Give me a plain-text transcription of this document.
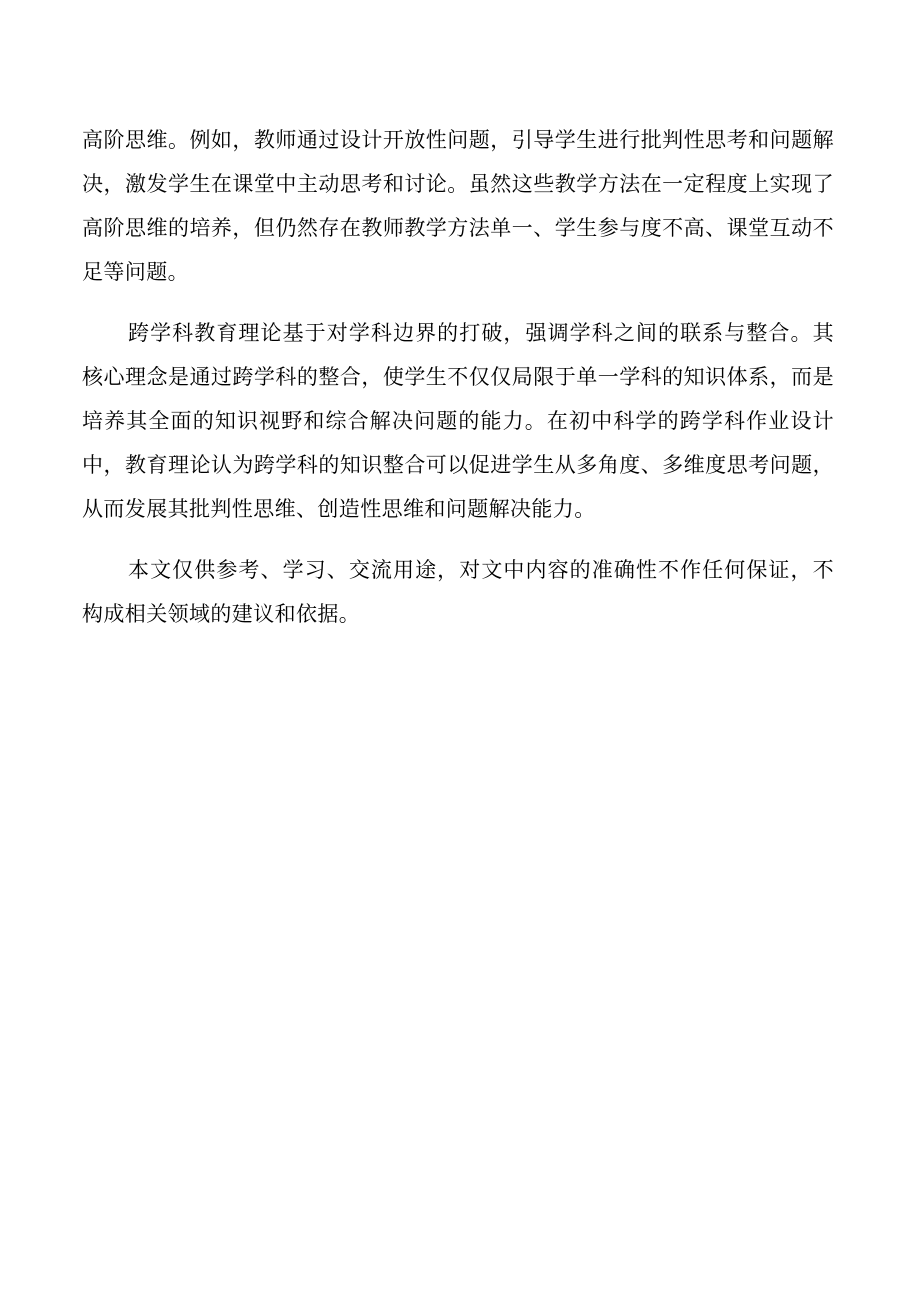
高阶思维。例如，教师通过设计开放性问题，引导学生进行批判性思考和问题解决，激发学生在课堂中主动思考和讨论。虽然这些教学方法在一定程度上实现了高阶思维的培养，但仍然存在教师教学方法单一、学生参与度不高、课堂互动不足等问题。

跨学科教育理论基于对学科边界的打破，强调学科之间的联系与整合。其核心理念是通过跨学科的整合，使学生不仅仅局限于单一学科的知识体系，而是培养其全面的知识视野和综合解决问题的能力。在初中科学的跨学科作业设计中，教育理论认为跨学科的知识整合可以促进学生从多角度、多维度思考问题，从而发展其批判性思维、创造性思维和问题解决能力。

本文仅供参考、学习、交流用途，对文中内容的准确性不作任何保证，不构成相关领域的建议和依据。
